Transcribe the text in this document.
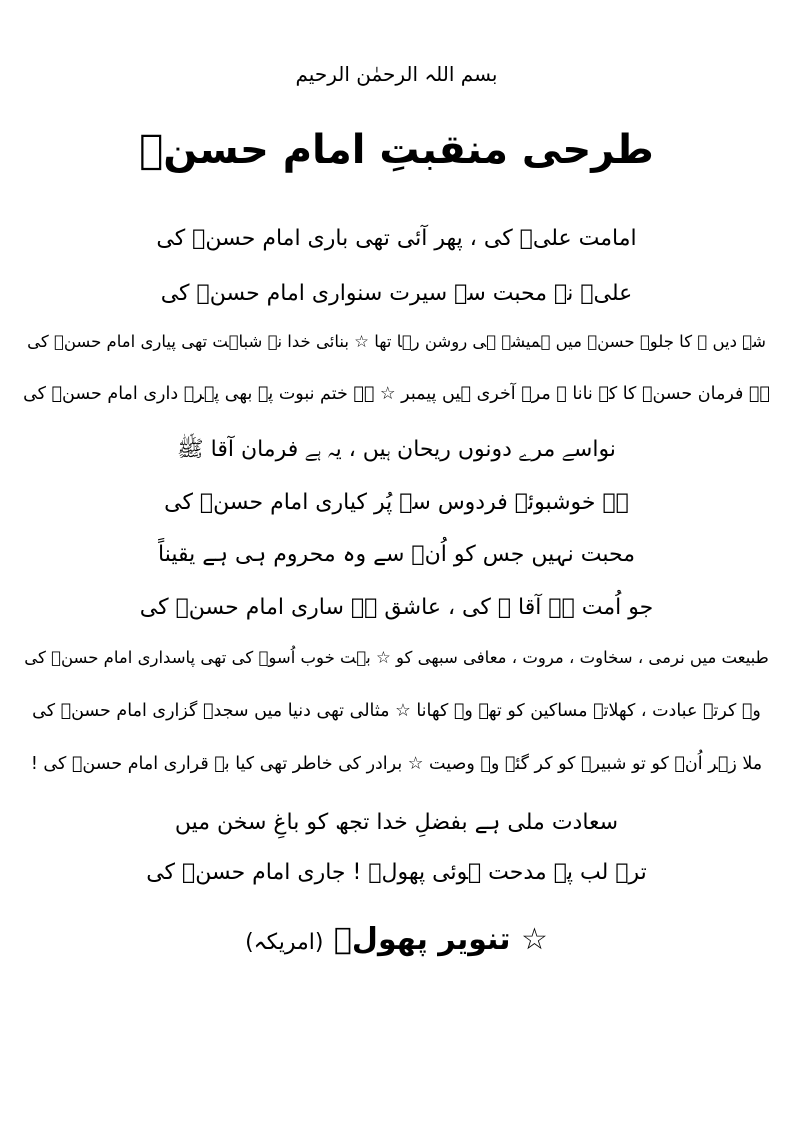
بسم اللہ الرحمٰن الرحیم
طرحی منقبتِ امام حسنؓ
امامت علیؓ کی ، پھر آئی تھی باری امام حسنؓ کی
علیؓ نے محبت سے سیرت سنواری امام حسنؓ کی
شہِ دیں ﷺ کا جلوہ حسنؓ میں ہمیشہ ہی روشن رہا تھا ☆ بنائی خدا نے شباہت تھی پیاری امام حسنؓ کی
ہے فرمان حسنؓ کا کہ نانا ﷺ مرے آخری ہیں پیمبر ☆ ہے ختم نبوت پہ بھی پہرے داری امام حسنؓ کی
نواسے مرے دونوں ریحان ہیں ، یہ ہے فرمان آقا ﷺ
ہے خوشبوئے فردوس سے پُر کیاری امام حسنؓ کی
محبت نہیں جس کو اُنؓ سے وہ محروم ہی ہے یقیناً
جو اُمت ہے آقا ﷺ کی ، عاشق ہے ساری امام حسنؓ کی
طبیعت میں نرمی ، سخاوت ، مروت ، معافی سبھی کو ☆ بہت خوب اُسوے کی تھی پاسداری امام حسنؓ کی
وہ کرتے عبادت ، کھلاتے مساکین کو تھے وہ کھانا ☆ مثالی تھی دنیا میں سجدہ گزاری امام حسنؓ کی
ملا زہر اُنؓ کو تو شبیرؓ کو کر گئے وہ وصیت ☆ برادر کی خاطر تھی کیا بے قراری امام حسنؓ کی !
سعادت ملی ہے بفضلِ خدا تجھ کو باغِ سخن میں
ترے لب پہ مدحت ہوئی پھولؔ ! جاری امام حسنؓ کی
☆ تنویر پھولؔ (امریکہ)
